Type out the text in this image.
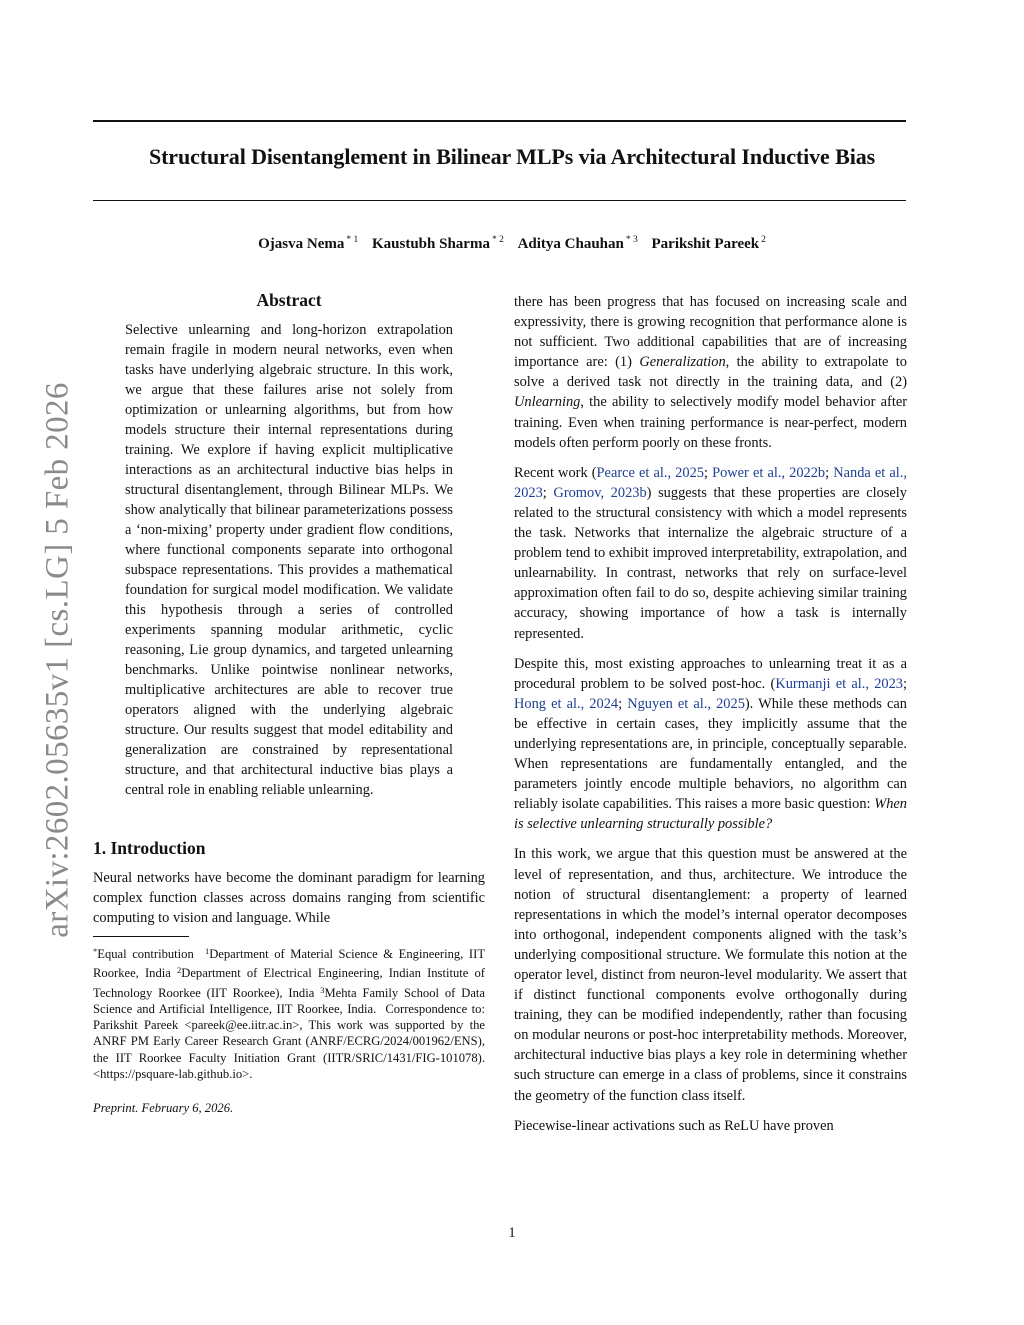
Structural Disentanglement in Bilinear MLPs via Architectural Inductive Bias
Ojasva Nema $^{* 1}$ Kaustubh Sharma $^{* 2}$ Aditya Chauhan $^{* 3}$ Parikshit Pareek $^2$
arXiv:2602.05635v1 [cs.LG] 5 Feb 2026
Abstract

Selective unlearning and long-horizon extrapolation remain fragile in modern neural networks, even when tasks have underlying algebraic structure. In this work, we argue that these failures arise not solely from optimization or unlearning algorithms, but from how models structure their internal representations during training. We explore if having explicit multiplicative interactions as an architectural inductive bias helps in structural disentanglement, through Bilinear MLPs. We show analytically that bilinear parameterizations possess a ‘non-mixing’ property under gradient flow conditions, where functional components separate into orthogonal subspace representations. This provides a mathematical foundation for surgical model modification. We validate this hypothesis through a series of controlled experiments spanning modular arithmetic, cyclic reasoning, Lie group dynamics, and targeted unlearning benchmarks. Unlike pointwise nonlinear networks, multiplicative architectures are able to recover true operators aligned with the underlying algebraic structure. Our results suggest that model editability and generalization are constrained by representational structure, and that architectural inductive bias plays a central role in enabling reliable unlearning.

1. Introduction

Neural networks have become the dominant paradigm for learning complex function classes across domains ranging from scientific computing to vision and language. While

*Equal contribution $^1$Department of Material Science & Engineering, IIT Roorkee, India $^2$Department of Electrical Engineering, Indian Institute of Technology Roorkee (IIT Roorkee), India $^3$Mehta Family School of Data Science and Artificial Intelligence, IIT Roorkee, India. Correspondence to: Parikshit Pareek <pareek@ee.iitr.ac.in>, This work was supported by the ANRF PM Early Career Research Grant (ANRF/ECRG/2024/001962/ENS), the IIT Roorkee Faculty Initiation Grant (IITR/SRIC/1431/FIG-101078). <https://psquare-lab.github.io>.

Preprint. February 6, 2026.

there has been progress that has focused on increasing scale and expressivity, there is growing recognition that performance alone is not sufficient. Two additional capabilities that are of increasing importance are: (1) Generalization, the ability to extrapolate to solve a derived task not directly in the training data, and (2) Unlearning, the ability to selectively modify model behavior after training. Even when training performance is near-perfect, modern models often perform poorly on these fronts.

Recent work (Pearce et al., 2025; Power et al., 2022b; Nanda et al., 2023; Gromov, 2023b) suggests that these properties are closely related to the structural consistency with which a model represents the task. Networks that internalize the algebraic structure of a problem tend to exhibit improved interpretability, extrapolation, and unlearnability. In contrast, networks that rely on surface-level approximation often fail to do so, despite achieving similar training accuracy, showing importance of how a task is internally represented.

Despite this, most existing approaches to unlearning treat it as a procedural problem to be solved post-hoc. (Kurmanji et al., 2023; Hong et al., 2024; Nguyen et al., 2025). While these methods can be effective in certain cases, they implicitly assume that the underlying representations are, in principle, conceptually separable. When representations are fundamentally entangled, and the parameters jointly encode multiple behaviors, no algorithm can reliably isolate capabilities. This raises a more basic question: When is selective unlearning structurally possible?

In this work, we argue that this question must be answered at the level of representation, and thus, architecture. We introduce the notion of structural disentanglement: a property of learned representations in which the model’s internal operator decomposes into orthogonal, independent components aligned with the task’s underlying compositional structure. We formulate this notion at the operator level, distinct from neuron-level modularity. We assert that if distinct functional components evolve orthogonally during training, they can be modified independently, rather than focusing on modular neurons or post-hoc interpretability methods. Moreover, architectural inductive bias plays a key role in determining whether such structure can emerge in a class of problems, since it constrains the geometry of the function class itself.

Piecewise-linear activations such as ReLU have proven

1
